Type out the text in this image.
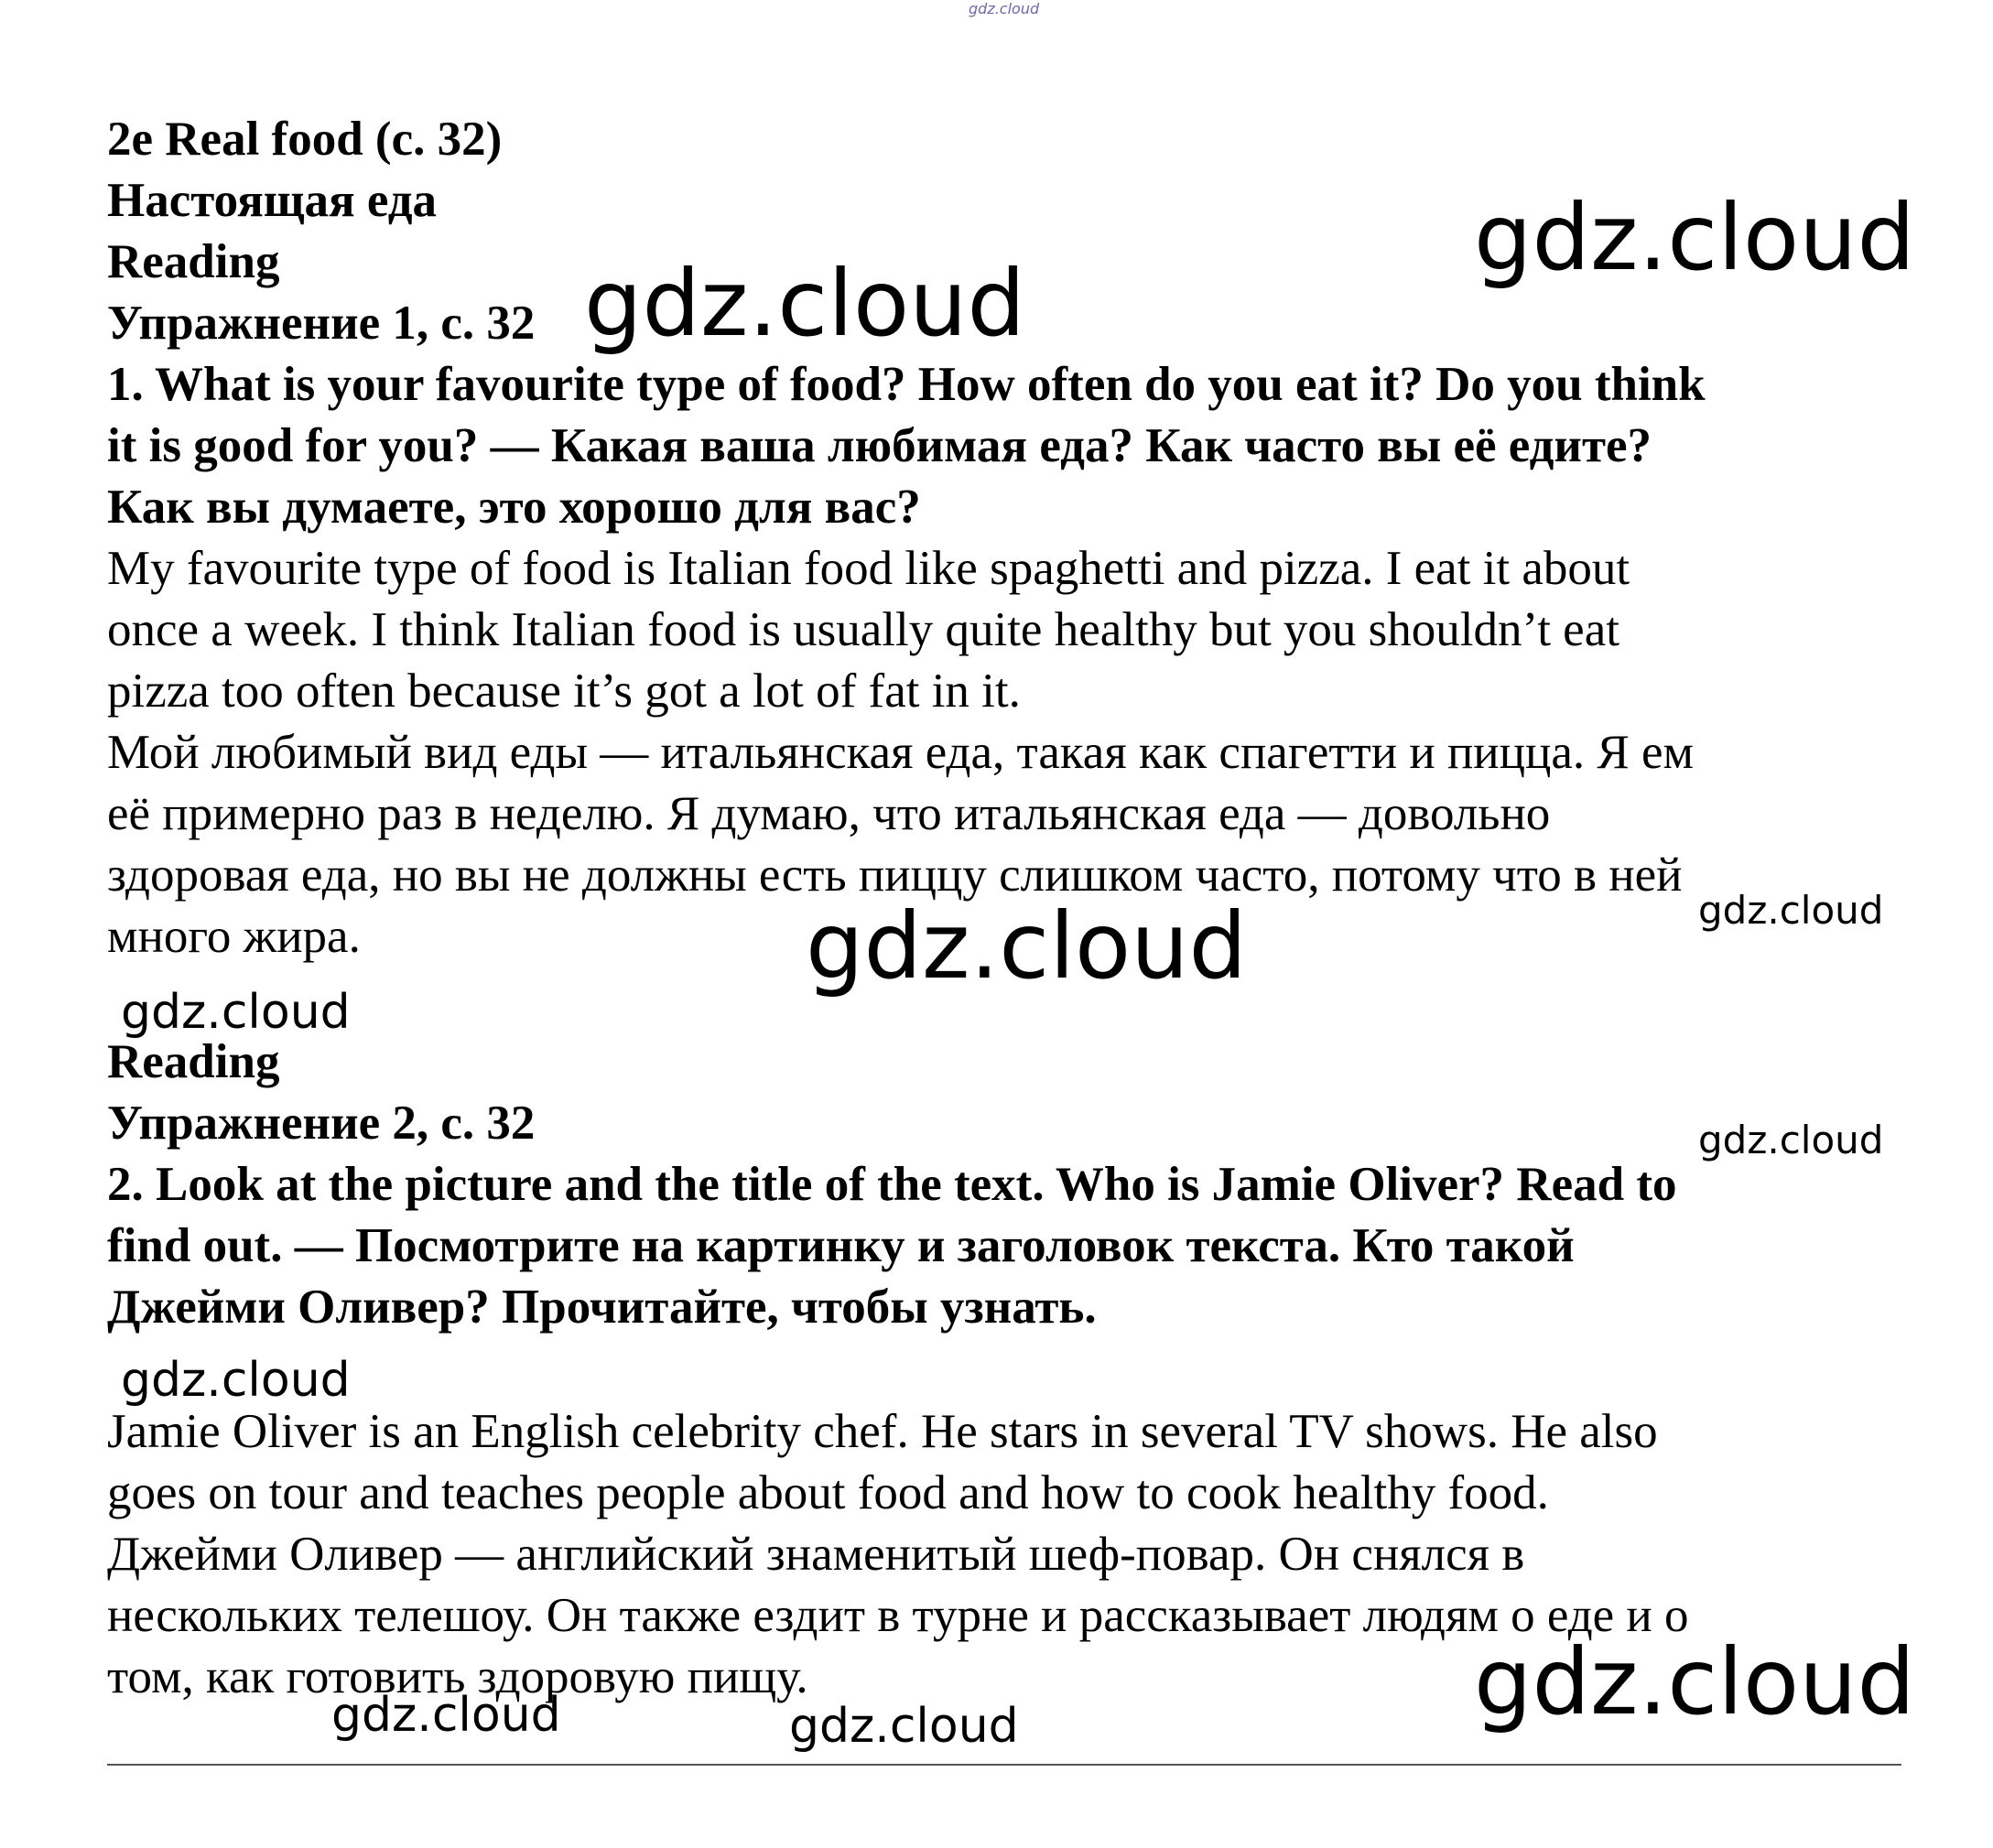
gdz.cloud
2e Real food (с. 32)
Настоящая еда
Reading
Упражнение 1, с. 32
1. What is your favourite type of food? How often do you eat it? Do you think
it is good for you? — Какая ваша любимая еда? Как часто вы её едите?
Как вы думаете, это хорошо для вас?
My favourite type of food is Italian food like spaghetti and pizza. I eat it about
once a week. I think Italian food is usually quite healthy but you shouldn’t eat
pizza too often because it’s got a lot of fat in it.
Мой любимый вид еды — итальянская еда, такая как спагетти и пицца. Я ем
её примерно раз в неделю. Я думаю, что итальянская еда — довольно
здоровая еда, но вы не должны есть пиццу слишком часто, потому что в ней
много жира.
Reading
Упражнение 2, с. 32
2. Look at the picture and the title of the text. Who is Jamie Oliver? Read to
find out. — Посмотрите на картинку и заголовок текста. Кто такой
Джейми Оливер? Прочитайте, чтобы узнать.
Jamie Oliver is an English celebrity chef. He stars in several TV shows. He also
goes on tour and teaches people about food and how to cook healthy food.
Джейми Оливер — английский знаменитый шеф-повар. Он снялся в
нескольких телешоу. Он также ездит в турне и рассказывает людям о еде и о
том, как готовить здоровую пищу.
gdz.cloud
gdz.cloud
gdz.cloud
gdz.cloud
gdz.cloud
gdz.cloud
gdz.cloud
gdz.cloud
gdz.cloud	gdz.cloud
